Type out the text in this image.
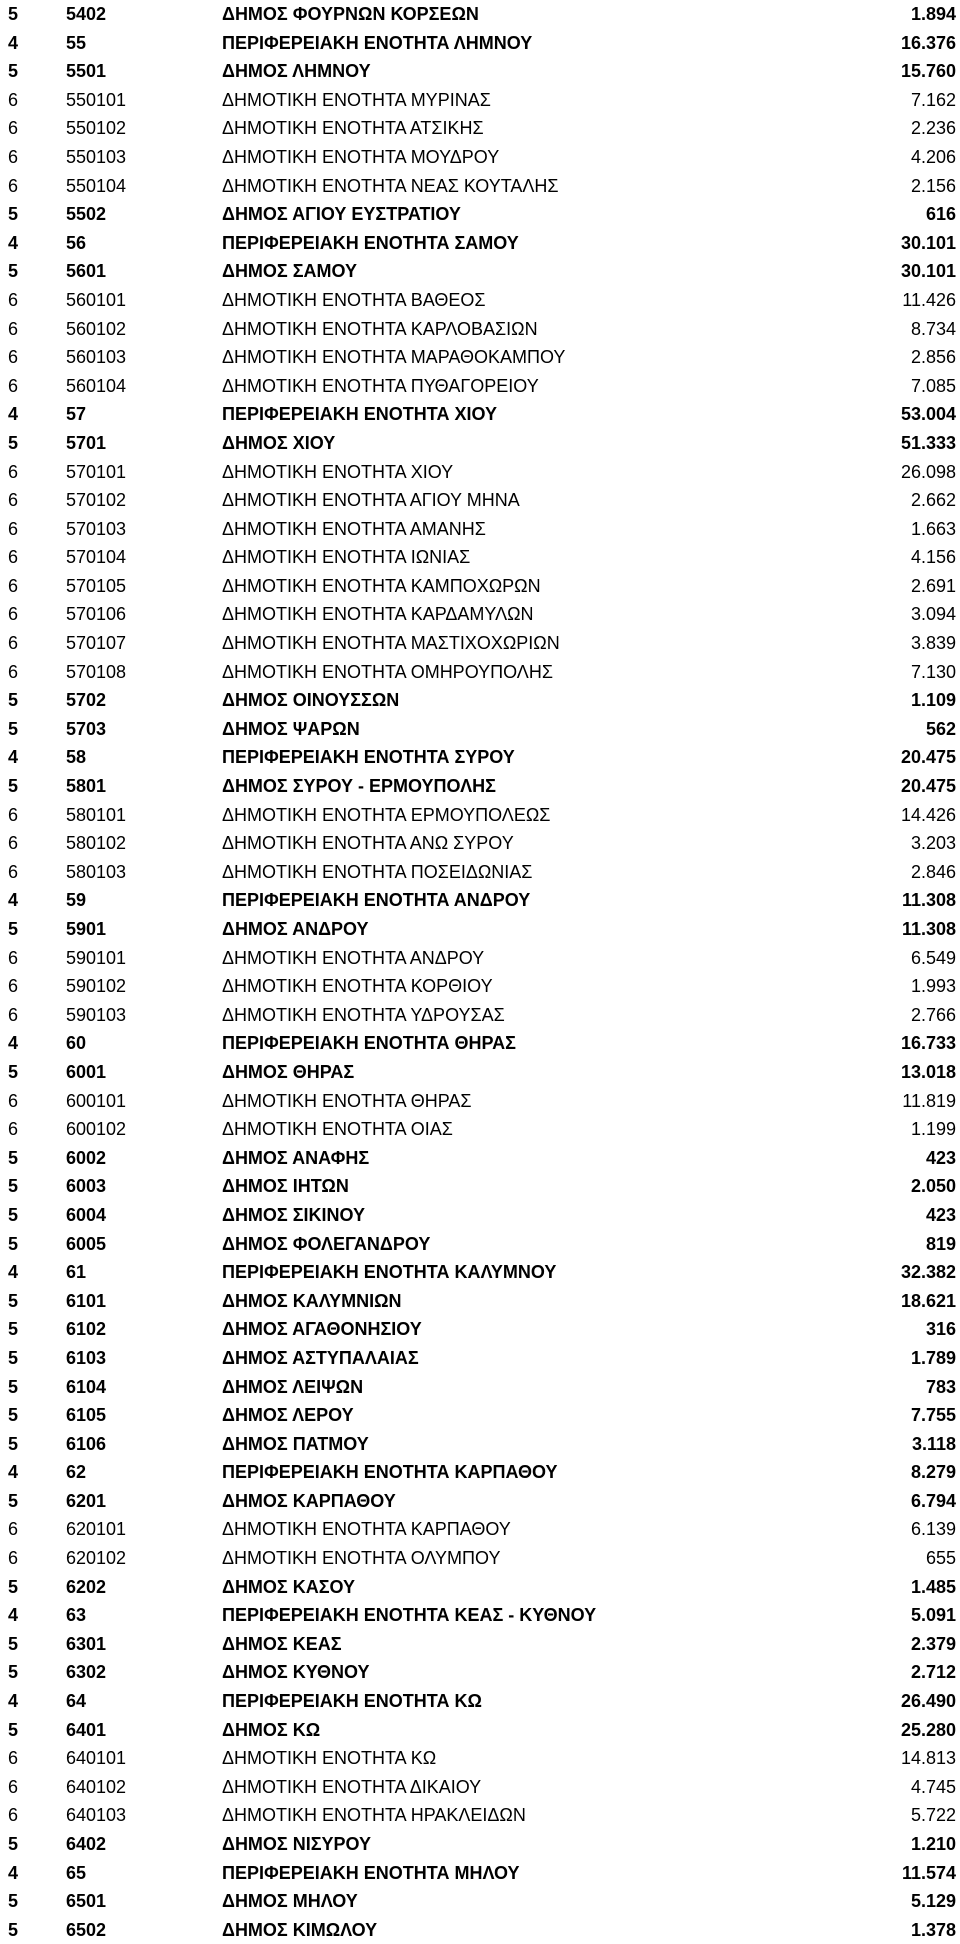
5	5402	ΔΗΜΟΣ ΦΟΥΡΝΩΝ ΚΟΡΣΕΩΝ	1.894
4	55	ΠΕΡΙΦΕΡΕΙΑΚΗ ΕΝΟΤΗΤΑ ΛΗΜΝΟΥ	16.376
5	5501	ΔΗΜΟΣ ΛΗΜΝΟΥ	15.760
6	550101	ΔΗΜΟΤΙΚΗ ΕΝΟΤΗΤΑ ΜΥΡΙΝΑΣ	7.162
6	550102	ΔΗΜΟΤΙΚΗ ΕΝΟΤΗΤΑ ΑΤΣΙΚΗΣ	2.236
6	550103	ΔΗΜΟΤΙΚΗ ΕΝΟΤΗΤΑ ΜΟΥΔΡΟΥ	4.206
6	550104	ΔΗΜΟΤΙΚΗ ΕΝΟΤΗΤΑ ΝΕΑΣ ΚΟΥΤΑΛΗΣ	2.156
5	5502	ΔΗΜΟΣ ΑΓΙΟΥ ΕΥΣΤΡΑΤΙΟΥ	616
4	56	ΠΕΡΙΦΕΡΕΙΑΚΗ ΕΝΟΤΗΤΑ ΣΑΜΟΥ	30.101
5	5601	ΔΗΜΟΣ ΣΑΜΟΥ	30.101
6	560101	ΔΗΜΟΤΙΚΗ ΕΝΟΤΗΤΑ ΒΑΘΕΟΣ	11.426
6	560102	ΔΗΜΟΤΙΚΗ ΕΝΟΤΗΤΑ ΚΑΡΛΟΒΑΣΙΩΝ	8.734
6	560103	ΔΗΜΟΤΙΚΗ ΕΝΟΤΗΤΑ ΜΑΡΑΘΟΚΑΜΠΟΥ	2.856
6	560104	ΔΗΜΟΤΙΚΗ ΕΝΟΤΗΤΑ ΠΥΘΑΓΟΡΕΙΟΥ	7.085
4	57	ΠΕΡΙΦΕΡΕΙΑΚΗ ΕΝΟΤΗΤΑ ΧΙΟΥ	53.004
5	5701	ΔΗΜΟΣ ΧΙΟΥ	51.333
6	570101	ΔΗΜΟΤΙΚΗ ΕΝΟΤΗΤΑ ΧΙΟΥ	26.098
6	570102	ΔΗΜΟΤΙΚΗ ΕΝΟΤΗΤΑ ΑΓΙΟΥ ΜΗΝΑ	2.662
6	570103	ΔΗΜΟΤΙΚΗ ΕΝΟΤΗΤΑ ΑΜΑΝΗΣ	1.663
6	570104	ΔΗΜΟΤΙΚΗ ΕΝΟΤΗΤΑ ΙΩΝΙΑΣ	4.156
6	570105	ΔΗΜΟΤΙΚΗ ΕΝΟΤΗΤΑ ΚΑΜΠΟΧΩΡΩΝ	2.691
6	570106	ΔΗΜΟΤΙΚΗ ΕΝΟΤΗΤΑ ΚΑΡΔΑΜΥΛΩΝ	3.094
6	570107	ΔΗΜΟΤΙΚΗ ΕΝΟΤΗΤΑ ΜΑΣΤΙΧΟΧΩΡΙΩΝ	3.839
6	570108	ΔΗΜΟΤΙΚΗ ΕΝΟΤΗΤΑ ΟΜΗΡΟΥΠΟΛΗΣ	7.130
5	5702	ΔΗΜΟΣ ΟΙΝΟΥΣΣΩΝ	1.109
5	5703	ΔΗΜΟΣ ΨΑΡΩΝ	562
4	58	ΠΕΡΙΦΕΡΕΙΑΚΗ ΕΝΟΤΗΤΑ ΣΥΡΟΥ	20.475
5	5801	ΔΗΜΟΣ ΣΥΡΟΥ - ΕΡΜΟΥΠΟΛΗΣ	20.475
6	580101	ΔΗΜΟΤΙΚΗ ΕΝΟΤΗΤΑ ΕΡΜΟΥΠΟΛΕΩΣ	14.426
6	580102	ΔΗΜΟΤΙΚΗ ΕΝΟΤΗΤΑ ΑΝΩ ΣΥΡΟΥ	3.203
6	580103	ΔΗΜΟΤΙΚΗ ΕΝΟΤΗΤΑ ΠΟΣΕΙΔΩΝΙΑΣ	2.846
4	59	ΠΕΡΙΦΕΡΕΙΑΚΗ ΕΝΟΤΗΤΑ ΑΝΔΡΟΥ	11.308
5	5901	ΔΗΜΟΣ ΑΝΔΡΟΥ	11.308
6	590101	ΔΗΜΟΤΙΚΗ ΕΝΟΤΗΤΑ ΑΝΔΡΟΥ	6.549
6	590102	ΔΗΜΟΤΙΚΗ ΕΝΟΤΗΤΑ ΚΟΡΘΙΟΥ	1.993
6	590103	ΔΗΜΟΤΙΚΗ ΕΝΟΤΗΤΑ ΥΔΡΟΥΣΑΣ	2.766
4	60	ΠΕΡΙΦΕΡΕΙΑΚΗ ΕΝΟΤΗΤΑ ΘΗΡΑΣ	16.733
5	6001	ΔΗΜΟΣ ΘΗΡΑΣ	13.018
6	600101	ΔΗΜΟΤΙΚΗ ΕΝΟΤΗΤΑ ΘΗΡΑΣ	11.819
6	600102	ΔΗΜΟΤΙΚΗ ΕΝΟΤΗΤΑ ΟΙΑΣ	1.199
5	6002	ΔΗΜΟΣ ΑΝΑΦΗΣ	423
5	6003	ΔΗΜΟΣ ΙΗΤΩΝ	2.050
5	6004	ΔΗΜΟΣ ΣΙΚΙΝΟΥ	423
5	6005	ΔΗΜΟΣ ΦΟΛΕΓΑΝΔΡΟΥ	819
4	61	ΠΕΡΙΦΕΡΕΙΑΚΗ ΕΝΟΤΗΤΑ ΚΑΛΥΜΝΟΥ	32.382
5	6101	ΔΗΜΟΣ ΚΑΛΥΜΝΙΩΝ	18.621
5	6102	ΔΗΜΟΣ ΑΓΑΘΟΝΗΣΙΟΥ	316
5	6103	ΔΗΜΟΣ ΑΣΤΥΠΑΛΑΙΑΣ	1.789
5	6104	ΔΗΜΟΣ ΛΕΙΨΩΝ	783
5	6105	ΔΗΜΟΣ ΛΕΡΟΥ	7.755
5	6106	ΔΗΜΟΣ ΠΑΤΜΟΥ	3.118
4	62	ΠΕΡΙΦΕΡΕΙΑΚΗ ΕΝΟΤΗΤΑ ΚΑΡΠΑΘΟΥ	8.279
5	6201	ΔΗΜΟΣ ΚΑΡΠΑΘΟΥ	6.794
6	620101	ΔΗΜΟΤΙΚΗ ΕΝΟΤΗΤΑ ΚΑΡΠΑΘΟΥ	6.139
6	620102	ΔΗΜΟΤΙΚΗ ΕΝΟΤΗΤΑ ΟΛΥΜΠΟΥ	655
5	6202	ΔΗΜΟΣ ΚΑΣΟΥ	1.485
4	63	ΠΕΡΙΦΕΡΕΙΑΚΗ ΕΝΟΤΗΤΑ ΚΕΑΣ - ΚΥΘΝΟΥ	5.091
5	6301	ΔΗΜΟΣ ΚΕΑΣ	2.379
5	6302	ΔΗΜΟΣ ΚΥΘΝΟΥ	2.712
4	64	ΠΕΡΙΦΕΡΕΙΑΚΗ ΕΝΟΤΗΤΑ ΚΩ	26.490
5	6401	ΔΗΜΟΣ ΚΩ	25.280
6	640101	ΔΗΜΟΤΙΚΗ ΕΝΟΤΗΤΑ ΚΩ	14.813
6	640102	ΔΗΜΟΤΙΚΗ ΕΝΟΤΗΤΑ ΔΙΚΑΙΟΥ	4.745
6	640103	ΔΗΜΟΤΙΚΗ ΕΝΟΤΗΤΑ ΗΡΑΚΛΕΙΔΩΝ	5.722
5	6402	ΔΗΜΟΣ ΝΙΣΥΡΟΥ	1.210
4	65	ΠΕΡΙΦΕΡΕΙΑΚΗ ΕΝΟΤΗΤΑ ΜΗΛΟΥ	11.574
5	6501	ΔΗΜΟΣ ΜΗΛΟΥ	5.129
5	6502	ΔΗΜΟΣ ΚΙΜΩΛΟΥ	1.378
